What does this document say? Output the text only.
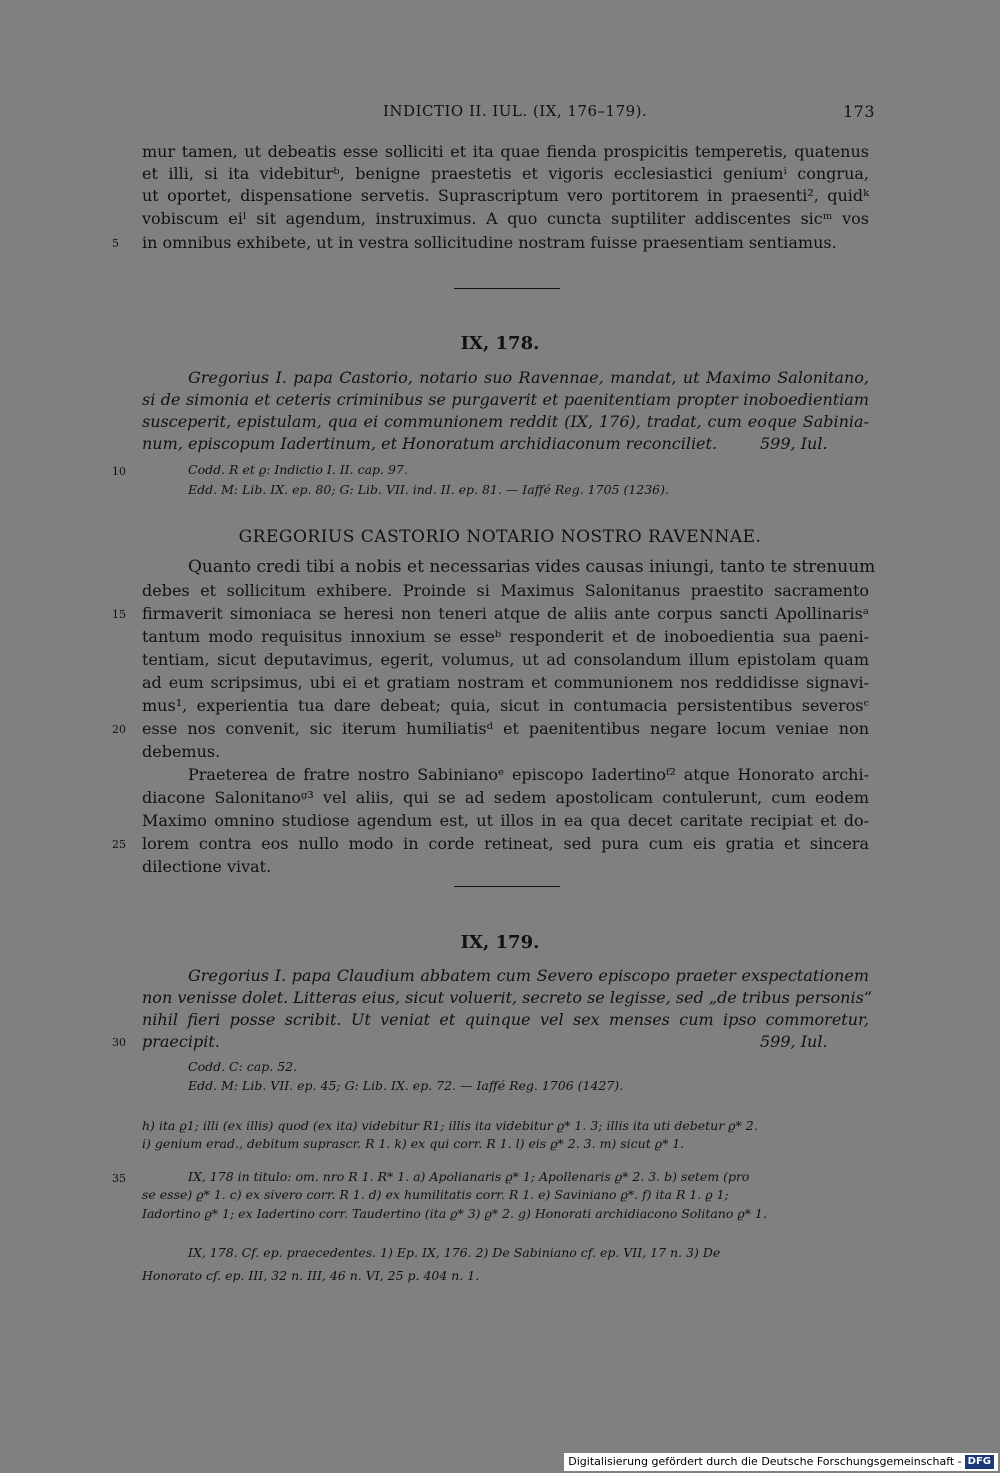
INDICTIO II. IUL. (IX, 176–179).	173
mur tamen, ut debeatis esse solliciti et ita quae fienda prospicitis temperetis, quatenus
et illi, si ita videbiturᵇ, benigne praestetis et vigoris ecclesiastici geniumⁱ congrua,
ut oportet, dispensatione servetis. Suprascriptum vero portitorem in praesenti², quidᵏ
vobiscum eiˡ sit agendum, instruximus. A quo cuncta suptiliter addiscentes sicᵐ vos
in omnibus exhibete, ut in vestra sollicitudine nostram fuisse praesentiam sentiamus.
5
IX, 178.
Gregorius I. papa Castorio, notario suo Ravennae, mandat, ut Maximo Salonitano,
si de simonia et ceteris criminibus se purgaverit et paenitentiam propter inoboedientiam
susceperit, epistulam, qua ei communionem reddit (IX, 176), tradat, cum eoque Sabinia-
num, episcopum Iadertinum, et Honoratum archidiaconum reconciliet.	599, Iul.
10	Codd. R et ϱ: Indictio I. II. cap. 97.
Edd. M: Lib. IX. ep. 80; G: Lib. VII. ind. II. ep. 81. — Iaffé Reg. 1705 (1236).
GREGORIUS CASTORIO NOTARIO NOSTRO RAVENNAE.
Quanto credi tibi a nobis et necessarias vides causas iniungi, tanto te strenuum
debes et sollicitum exhibere. Proinde si Maximus Salonitanus praestito sacramento
firmaverit simoniaca se heresi non teneri atque de aliis ante corpus sancti Apollinarisᵃ
15
tantum modo requisitus innoxium se esseᵇ responderit et de inoboedientia sua paeni-
tentiam, sicut deputavimus, egerit, volumus, ut ad consolandum illum epistolam quam
ad eum scripsimus, ubi ei et gratiam nostram et communionem nos reddidisse signavi-
mus¹, experientia tua dare debeat; quia, sicut in contumacia persistentibus severosᶜ
esse nos convenit, sic iterum humiliatisᵈ et paenitentibus negare locum veniae non
20
debemus.
Praeterea de fratre nostro Sabinianoᵉ episcopo Iadertinoᶠ² atque Honorato archi-
diacone Salonitanoᵍ³ vel aliis, qui se ad sedem apostolicam contulerunt, cum eodem
Maximo omnino studiose agendum est, ut illos in ea qua decet caritate recipiat et do-
lorem contra eos nullo modo in corde retineat, sed pura cum eis gratia et sincera
25
dilectione vivat.
IX, 179.
Gregorius I. papa Claudium abbatem cum Severo episcopo praeter exspectationem
non venisse dolet. Litteras eius, sicut voluerit, secreto se legisse, sed „de tribus personis“
nihil fieri posse scribit. Ut veniat et quinque vel sex menses cum ipso commoretur,
praecipit.	599, Iul.
30
Codd. C: cap. 52.
Edd. M: Lib. VII. ep. 45; G: Lib. IX. ep. 72. — Iaffé Reg. 1706 (1427).
h) ita ϱ1; illi (ex illis) quod (ex ita) videbitur R1; illis ita videbitur ϱ* 1. 3; illis ita uti debetur ϱ* 2.
i) genium erad., debitum suprascr. R 1. k) ex qui corr. R 1. l) eis ϱ* 2. 3. m) sicut ϱ* 1.
35	IX, 178 in titulo: om. nro R 1. R* 1. a) Apolianaris ϱ* 1; Apollenaris ϱ* 2. 3. b) setem (pro
se esse) ϱ* 1. c) ex sivero corr. R 1. d) ex humilitatis corr. R 1. e) Saviniano ϱ*. f) ita R 1. ϱ 1;
Iadortino ϱ* 1; ex Iadertino corr. Taudertino (ita ϱ* 3) ϱ* 2. g) Honorati archidiacono Solitano ϱ* 1.
IX, 178. Cf. ep. praecedentes. 1) Ep. IX, 176. 2) De Sabiniano cf. ep. VII, 17 n. 3) De
Honorato cf. ep. III, 32 n. III, 46 n. VI, 25 p. 404 n. 1.
Digitalisierung gefördert durch die Deutsche Forschungsgemeinschaft - DFG
